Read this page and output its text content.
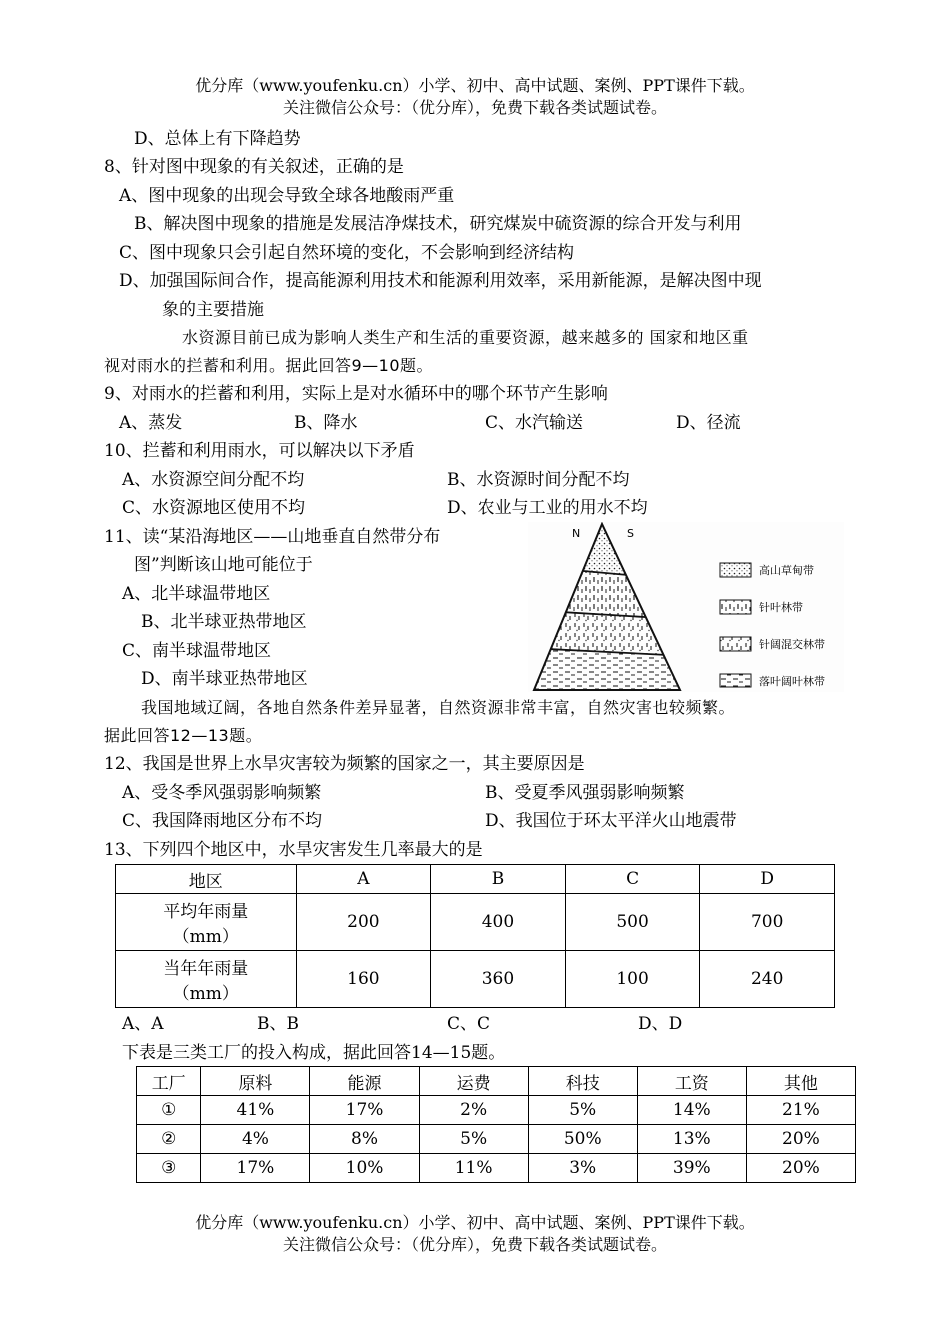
优分库（www.youfenku.cn）小学、初中、高中试题、案例、PPT课件下载。
关注微信公众号：（优分库），免费下载各类试题试卷。
D、总体上有下降趋势
8、针对图中现象的有关叙述，正确的是
A、图中现象的出现会导致全球各地酸雨严重
B、解决图中现象的措施是发展洁净煤技术，研究煤炭中硫资源的综合开发与利用
C、图中现象只会引起自然环境的变化，不会影响到经济结构
D、加强国际间合作，提高能源利用技术和能源利用效率，采用新能源，是解决图中现
象的主要措施
水资源目前已成为影响人类生产和生活的重要资源，越来越多的 国家和地区重
视对雨水的拦蓄和利用。据此回答9—10题。
9、对雨水的拦蓄和利用，实际上是对水循环中的哪个环节产生影响
A、蒸发	B、降水	C、水汽输送	D、径流
10、拦蓄和利用雨水，可以解决以下矛盾
A、水资源空间分配不均	B、水资源时间分配不均
C、水资源地区使用不均	D、农业与工业的用水不均
11、读“某沿海地区——山地垂直自然带分布
图”判断该山地可能位于
A、北半球温带地区
B、北半球亚热带地区
C、南半球温带地区
D、南半球亚热带地区
N	S
高山草甸带
针叶林带
针阔混交林带
落叶阔叶林带
我国地域辽阔，各地自然条件差异显著，自然资源非常丰富，自然灾害也较频繁。
据此回答12—13题。
12、我国是世界上水旱灾害较为频繁的国家之一，其主要原因是
A、受冬季风强弱影响频繁	B、受夏季风强弱影响频繁
C、我国降雨地区分布不均	D、我国位于环太平洋火山地震带
13、下列四个地区中，水旱灾害发生几率最大的是
地区	A	B	C	D
平均年雨量
（mm）	200	400	500	700
当年年雨量
（mm）	160	360	100	240
A、A	B、B	C、C	D、D
下表是三类工厂的投入构成，据此回答14—15题。
工厂	原料	能源	运费	科技	工资	其他
①	41%	17%	2%	5%	14%	21%
②	4%	8%	5%	50%	13%	20%
③	17%	10%	11%	3%	39%	20%
优分库（www.youfenku.cn）小学、初中、高中试题、案例、PPT课件下载。
关注微信公众号：（优分库），免费下载各类试题试卷。
